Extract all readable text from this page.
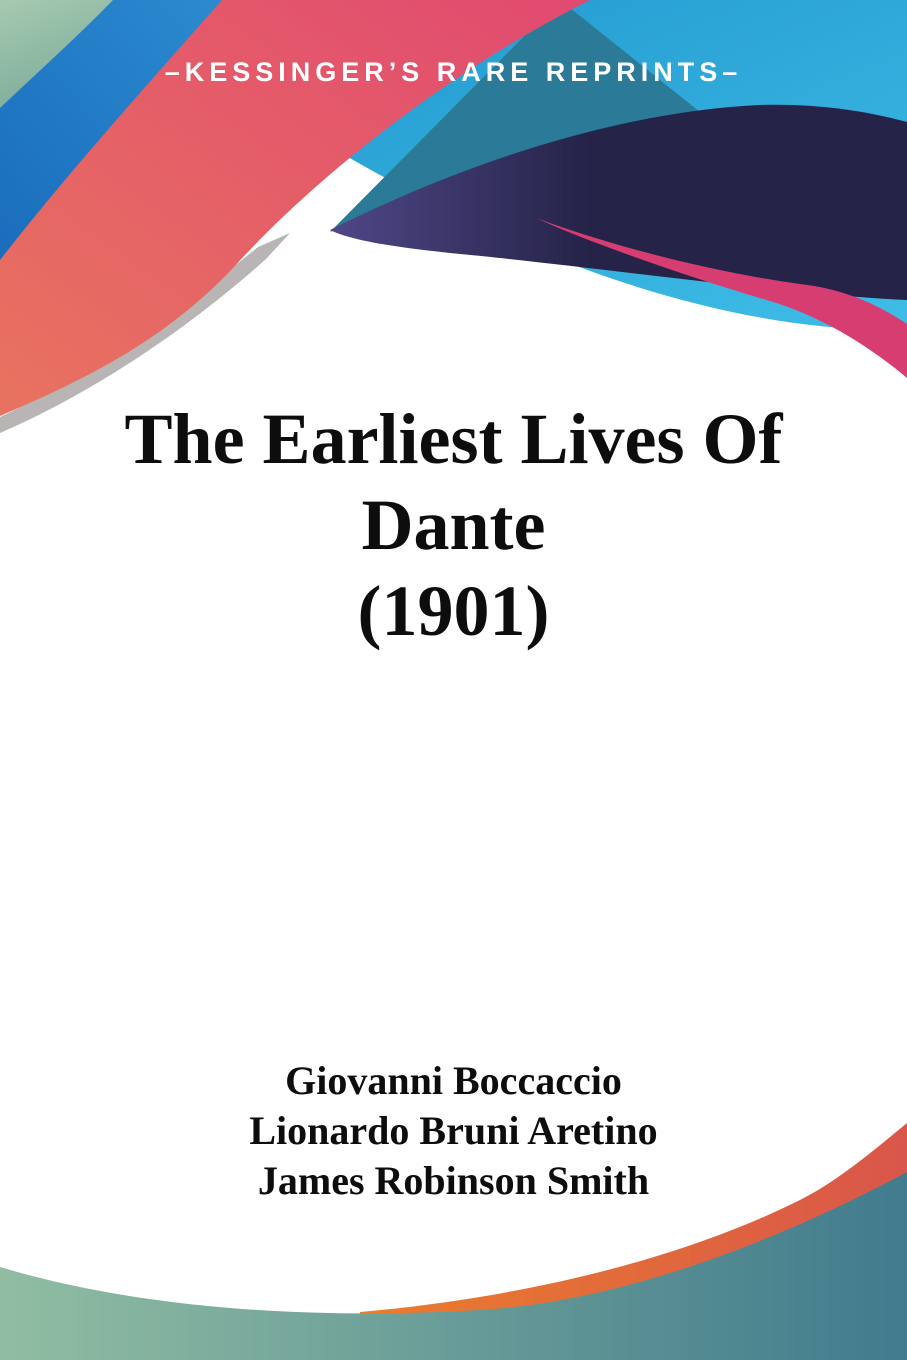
–KESSINGER’S RARE REPRINTS–
The Earliest Lives Of
Dante
(1901)
Giovanni Boccaccio
Lionardo Bruni Aretino
James Robinson Smith
